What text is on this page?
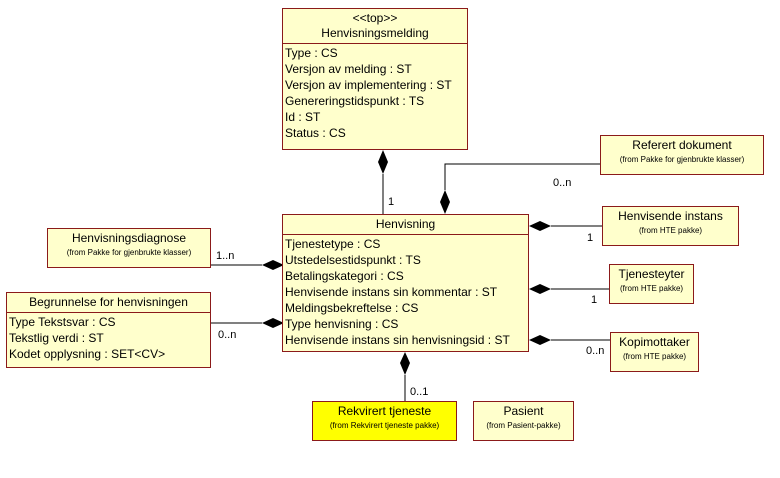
<<top>>
Henvisningsmelding
Type : CS
Versjon av melding : ST
Versjon av implementering : ST
Genereringstidspunkt : TS
Id : ST
Status : CS
Referert dokument
(from Pakke for gjenbrukte klasser)
Henvisning
Tjenestetype : CS
Utstedelsestidspunkt : TS
Betalingskategori : CS
Henvisende instans sin kommentar : ST
Meldingsbekreftelse : CS
Type henvisning : CS
Henvisende instans sin henvisningsid : ST
Henvisningsdiagnose
(from Pakke for gjenbrukte klasser)
Begrunnelse for henvisningen
Type Tekstsvar : CS
Tekstlig verdi : ST
Kodet opplysning : SET<CV>
Henvisende instans
(from HTE pakke)
Tjenesteyter
(from HTE pakke)
Kopimottaker
(from HTE pakke)
Rekvirert tjeneste
(from Rekvirert tjeneste pakke)
Pasient
(from Pasient-pakke)
1
0..n
1..n
0..n
1
1
0..n
0..1
